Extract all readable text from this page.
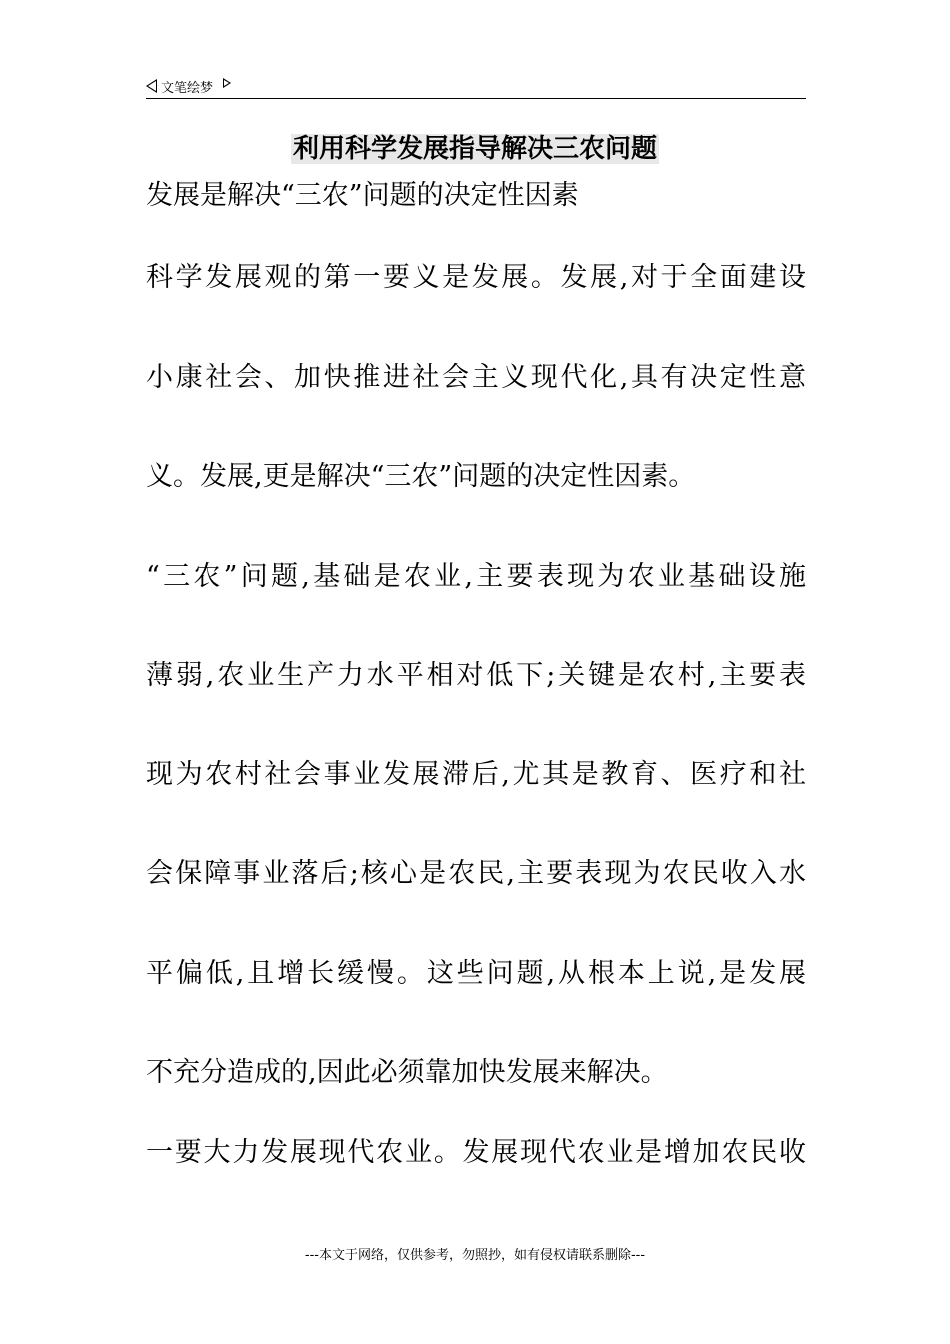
文笔绘梦
利用科学发展指导解决三农问题
发展是解决“三农”问题的决定性因素
科学发展观的第一要义是发展。发展,对于全面建设
小康社会、加快推进社会主义现代化,具有决定性意
义。发展,更是解决“三农”问题的决定性因素。
“三农”问题,基础是农业,主要表现为农业基础设施
薄弱,农业生产力水平相对低下;关键是农村,主要表
现为农村社会事业发展滞后,尤其是教育、医疗和社
会保障事业落后;核心是农民,主要表现为农民收入水
平偏低,且增长缓慢。这些问题,从根本上说,是发展
不充分造成的,因此必须靠加快发展来解决。
一要大力发展现代农业。发展现代农业是增加农民收
---本文于网络，仅供参考，勿照抄，如有侵权请联系删除---
